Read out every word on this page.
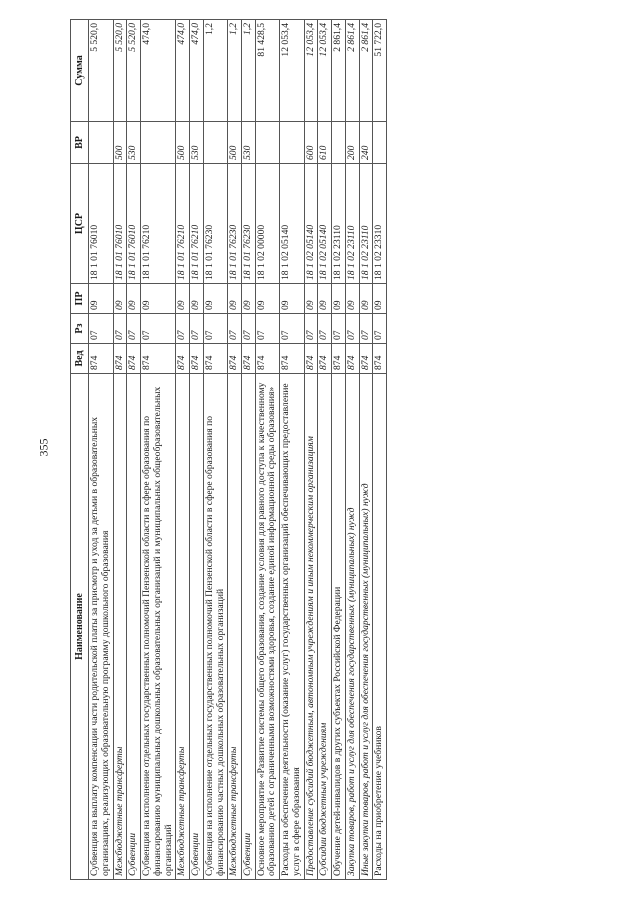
355
Наименование	Вед	Рз	ПР	ЦСР	ВР	Сумма
Субвенция на выплату компенсации части родительской платы за присмотр и уход за детьми в образовательных организациях, реализующих образовательную программу дошкольного образования	874	07	09	18 1 01 76010		5 520,0
Межбюджетные трансферты	874	07	09	18 1 01 76010	500	5 520,0
Субвенции	874	07	09	18 1 01 76010	530	5 520,0
Субвенция на исполнение отдельных государственных полномочий Пензенской области в сфере образования по финансированию муниципальных дошкольных образовательных организаций и муниципальных общеобразовательных организаций	874	07	09	18 1 01 76210		474,0
Межбюджетные трансферты	874	07	09	18 1 01 76210	500	474,0
Субвенции	874	07	09	18 1 01 76210	530	474,0
Субвенция на исполнение отдельных государственных полномочий Пензенской области в сфере образования по финансированию частных дошкольных образовательных организаций	874	07	09	18 1 01 76230		1,2
Межбюджетные трансферты	874	07	09	18 1 01 76230	500	1,2
Субвенции	874	07	09	18 1 01 76230	530	1,2
Основное мероприятие «Развитие системы общего образования, создание условия для равного доступа к качественному образованию детей с ограниченными возможностями здоровья, создание единой информационной среды образования»	874	07	09	18 1 02 00000		81 428,5
Расходы на обеспечение деятельности (оказание услуг) государственных организаций обеспечивающих предоставление услуг в сфере образования	874	07	09	18 1 02 05140		12 053,4
Предоставление субсидий бюджетным, автономным учреждениям и иным некоммерческим организациям	874	07	09	18 1 02 05140	600	12 053,4
Субсидии бюджетным учреждениям	874	07	09	18 1 02 05140	610	12 053,4
Обучение детей-инвалидов в других субъектах Российской Федерации	874	07	09	18 1 02 23110		2 861,4
Закупка товаров, работ и услуг для обеспечения государственных (муниципальных) нужд	874	07	09	18 1 02 23110	200	2 861,4
Иные закупки товаров, работ и услуг для обеспечения государственных (муниципальных) нужд	874	07	09	18 1 02 23110	240	2 861,4
Расходы на приобретение учебников	874	07	09	18 1 02 23310		51 722,0
